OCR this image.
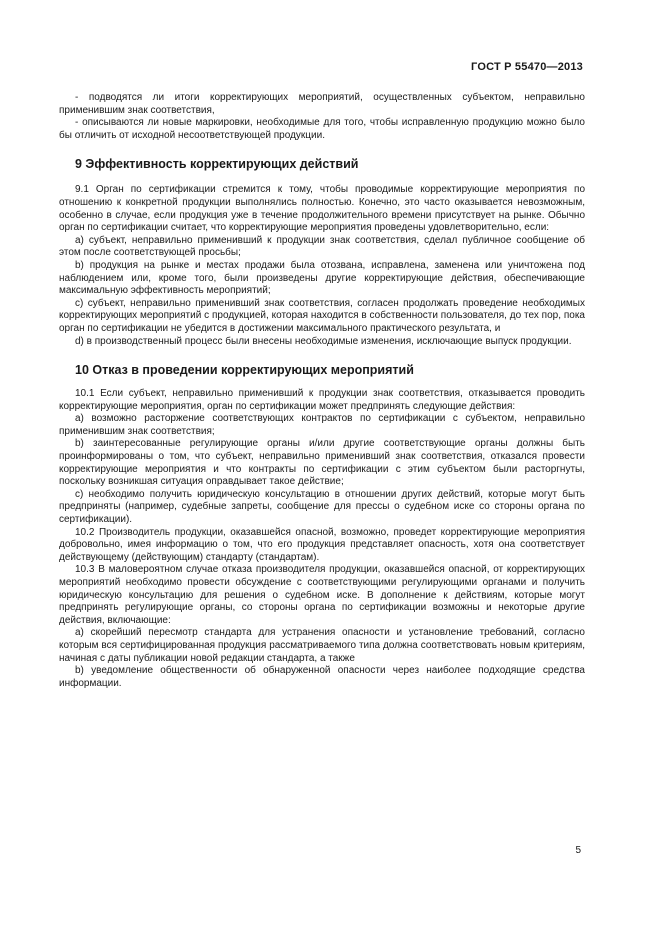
ГОСТ Р 55470—2013

- подводятся ли итоги корректирующих мероприятий, осуществленных субъектом, неправильно применившим знак соответствия,

- описываются ли новые маркировки, необходимые для того, чтобы исправленную продукцию можно было бы отличить от исходной несоответствующей продукции.

9 Эффективность корректирующих действий

9.1 Орган по сертификации стремится к тому, чтобы проводимые корректирующие мероприятия по отношению к конкретной продукции выполнялись полностью. Конечно, это часто оказывается невозможным, особенно в случае, если продукция уже в течение продолжительного времени присутствует на рынке. Обычно орган по сертификации считает, что корректирующие мероприятия проведены удовлетворительно, если:

a) субъект, неправильно применивший к продукции знак соответствия, сделал публичное сообщение об этом после соответствующей просьбы;

b) продукция на рынке и местах продажи была отозвана, исправлена, заменена или уничтожена под наблюдением или, кроме того, были произведены другие корректирующие действия, обеспечивающие максимальную эффективность мероприятий;

c) субъект, неправильно применивший знак соответствия, согласен продолжать проведение необходимых корректирующих мероприятий с продукцией, которая находится в собственности пользователя, до тех пор, пока орган по сертификации не убедится в достижении максимального практического результата, и

d) в производственный процесс были внесены необходимые изменения, исключающие выпуск продукции.

10 Отказ в проведении корректирующих мероприятий

10.1 Если субъект, неправильно применивший к продукции знак соответствия, отказывается проводить корректирующие мероприятия, орган по сертификации может предпринять следующие действия:

a) возможно расторжение соответствующих контрактов по сертификации с субъектом, неправильно применившим знак соответствия;

b) заинтересованные регулирующие органы и/или другие соответствующие органы должны быть проинформированы о том, что субъект, неправильно применивший знак соответствия, отказался провести корректирующие мероприятия и что контракты по сертификации с этим субъектом были расторгнуты, поскольку возникшая ситуация оправдывает такое действие;

c) необходимо получить юридическую консультацию в отношении других действий, которые могут быть предприняты (например, судебные запреты, сообщение для прессы о судебном иске со стороны органа по сертификации).

10.2 Производитель продукции, оказавшейся опасной, возможно, проведет корректирующие мероприятия добровольно, имея информацию о том, что его продукция представляет опасность, хотя она соответствует действующему (действующим) стандарту (стандартам).

10.3 В маловероятном случае отказа производителя продукции, оказавшейся опасной, от корректирующих мероприятий необходимо провести обсуждение с соответствующими регулирующими органами и получить юридическую консультацию для решения о судебном иске. В дополнение к действиям, которые могут предпринять регулирующие органы, со стороны органа по сертификации возможны и некоторые другие действия, включающие:

a) скорейший пересмотр стандарта для устранения опасности и установление требований, согласно которым вся сертифицированная продукция рассматриваемого типа должна соответствовать новым критериям, начиная с даты публикации новой редакции стандарта, а также

b) уведомление общественности об обнаруженной опасности через наиболее подходящие средства информации.

5
